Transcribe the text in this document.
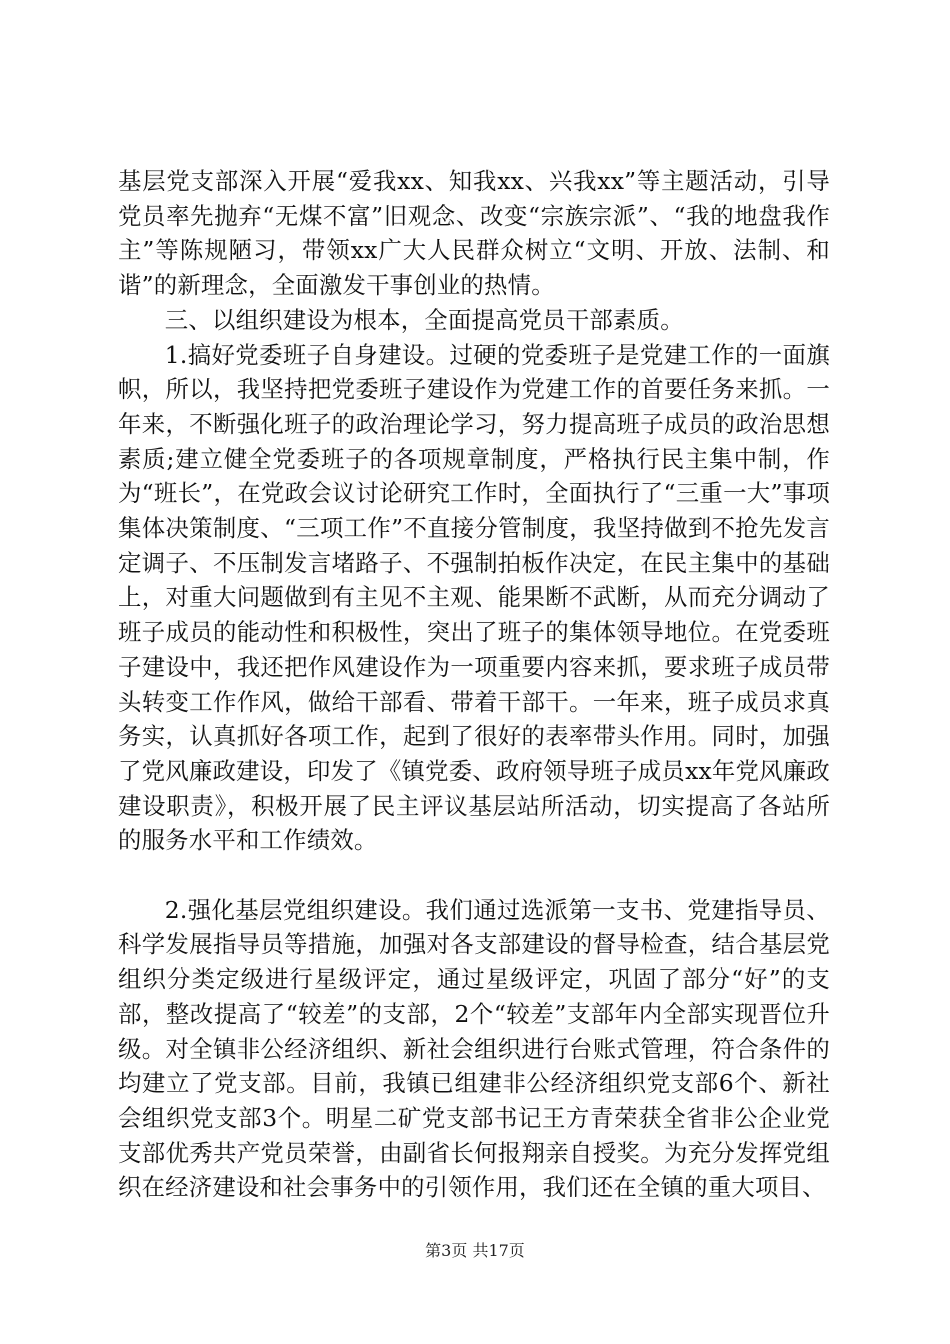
基层党支部深入开展“爱我xx、知我xx、兴我xx”等主题活动，引导党员率先抛弃“无煤不富”旧观念、改变“宗族宗派”、“我的地盘我作主”等陈规陋习，带领xx广大人民群众树立“文明、开放、法制、和谐”的新理念，全面激发干事创业的热情。

三、以组织建设为根本，全面提高党员干部素质。

1.搞好党委班子自身建设。过硬的党委班子是党建工作的一面旗帜，所以，我坚持把党委班子建设作为党建工作的首要任务来抓。一年来，不断强化班子的政治理论学习，努力提高班子成员的政治思想素质;建立健全党委班子的各项规章制度，严格执行民主集中制，作为“班长”，在党政会议讨论研究工作时，全面执行了“三重一大”事项集体决策制度、“三项工作”不直接分管制度，我坚持做到不抢先发言定调子、不压制发言堵路子、不强制拍板作决定，在民主集中的基础上，对重大问题做到有主见不主观、能果断不武断，从而充分调动了班子成员的能动性和积极性，突出了班子的集体领导地位。在党委班子建设中，我还把作风建设作为一项重要内容来抓，要求班子成员带头转变工作作风，做给干部看、带着干部干。一年来，班子成员求真务实，认真抓好各项工作，起到了很好的表率带头作用。同时，加强了党风廉政建设，印发了《镇党委、政府领导班子成员xx年党风廉政建设职责》，积极开展了民主评议基层站所活动，切实提高了各站所的服务水平和工作绩效。

2.强化基层党组织建设。我们通过选派第一支书、党建指导员、科学发展指导员等措施，加强对各支部建设的督导检查，结合基层党组织分类定级进行星级评定，通过星级评定，巩固了部分“好”的支部，整改提高了“较差”的支部，2个“较差”支部年内全部实现晋位升级。对全镇非公经济组织、新社会组织进行台账式管理，符合条件的均建立了党支部。目前，我镇已组建非公经济组织党支部6个、新社会组织党支部3个。明星二矿党支部书记王方青荣获全省非公企业党支部优秀共产党员荣誉，由副省长何报翔亲自授奖。为充分发挥党组织在经济建设和社会事务中的引领作用，我们还在全镇的重大项目、

第3页 共17页
